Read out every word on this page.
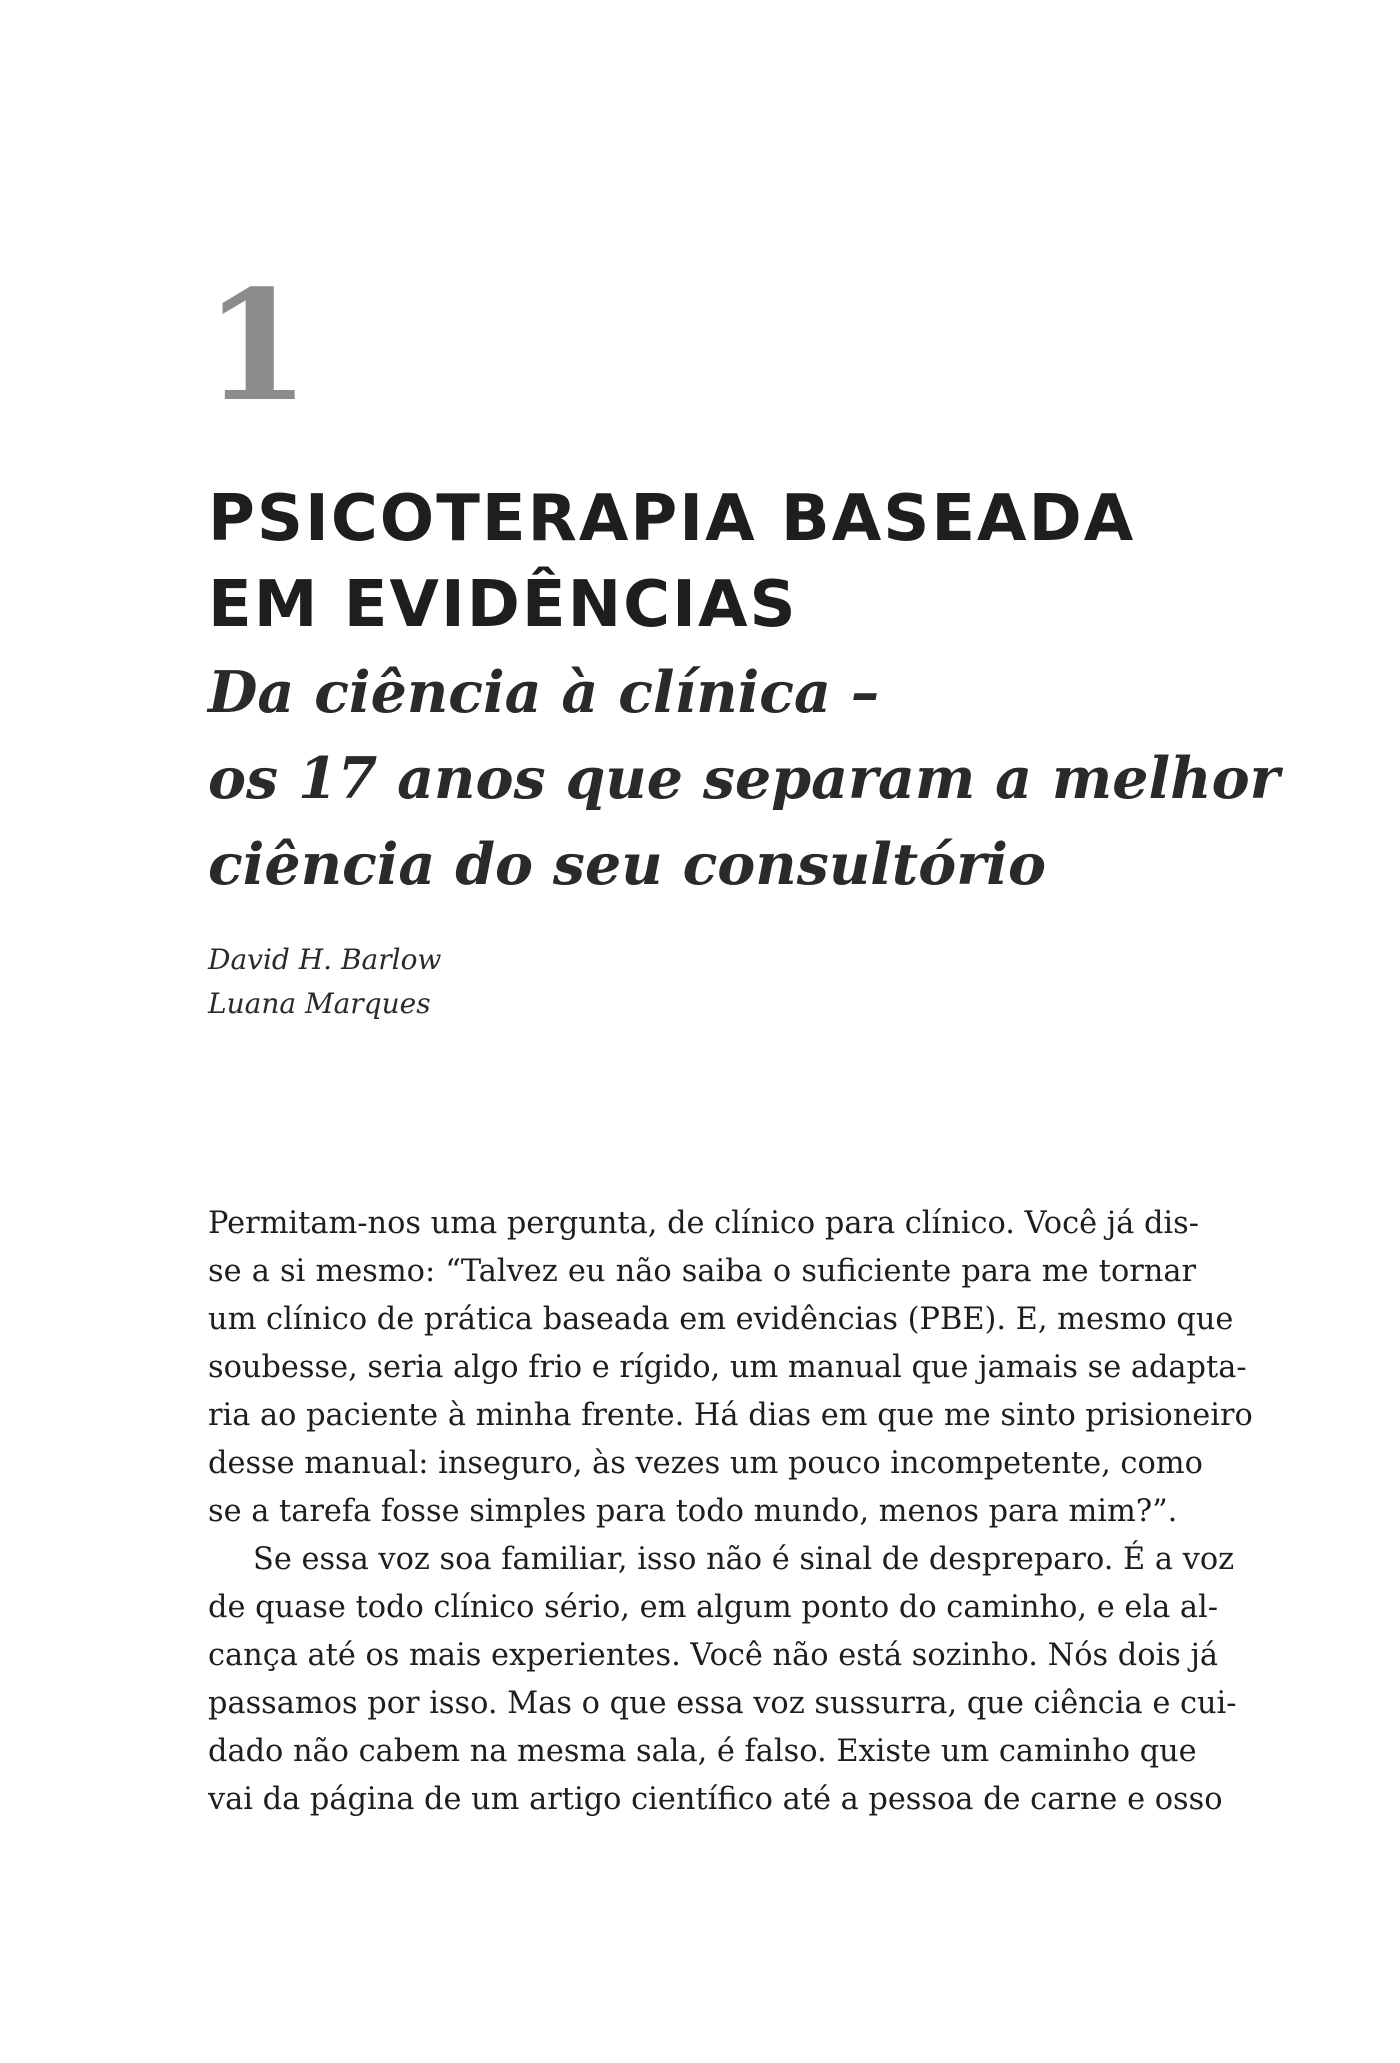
1
PSICOTERAPIA BASEADA
EM EVIDÊNCIAS
Da ciência à clínica –
os 17 anos que separam a melhor
ciência do seu consultório
David H. Barlow
Luana Marques
Permitam-nos uma pergunta, de clínico para clínico. Você já dis-
se a si mesmo: “Talvez eu não saiba o suficiente para me tornar
um clínico de prática baseada em evidências (PBE). E, mesmo que
soubesse, seria algo frio e rígido, um manual que jamais se adapta-
ria ao paciente à minha frente. Há dias em que me sinto prisioneiro
desse manual: inseguro, às vezes um pouco incompetente, como
se a tarefa fosse simples para todo mundo, menos para mim?”.
Se essa voz soa familiar, isso não é sinal de despreparo. É a voz
de quase todo clínico sério, em algum ponto do caminho, e ela al-
cança até os mais experientes. Você não está sozinho. Nós dois já
passamos por isso. Mas o que essa voz sussurra, que ciência e cui-
dado não cabem na mesma sala, é falso. Existe um caminho que
vai da página de um artigo científico até a pessoa de carne e osso
